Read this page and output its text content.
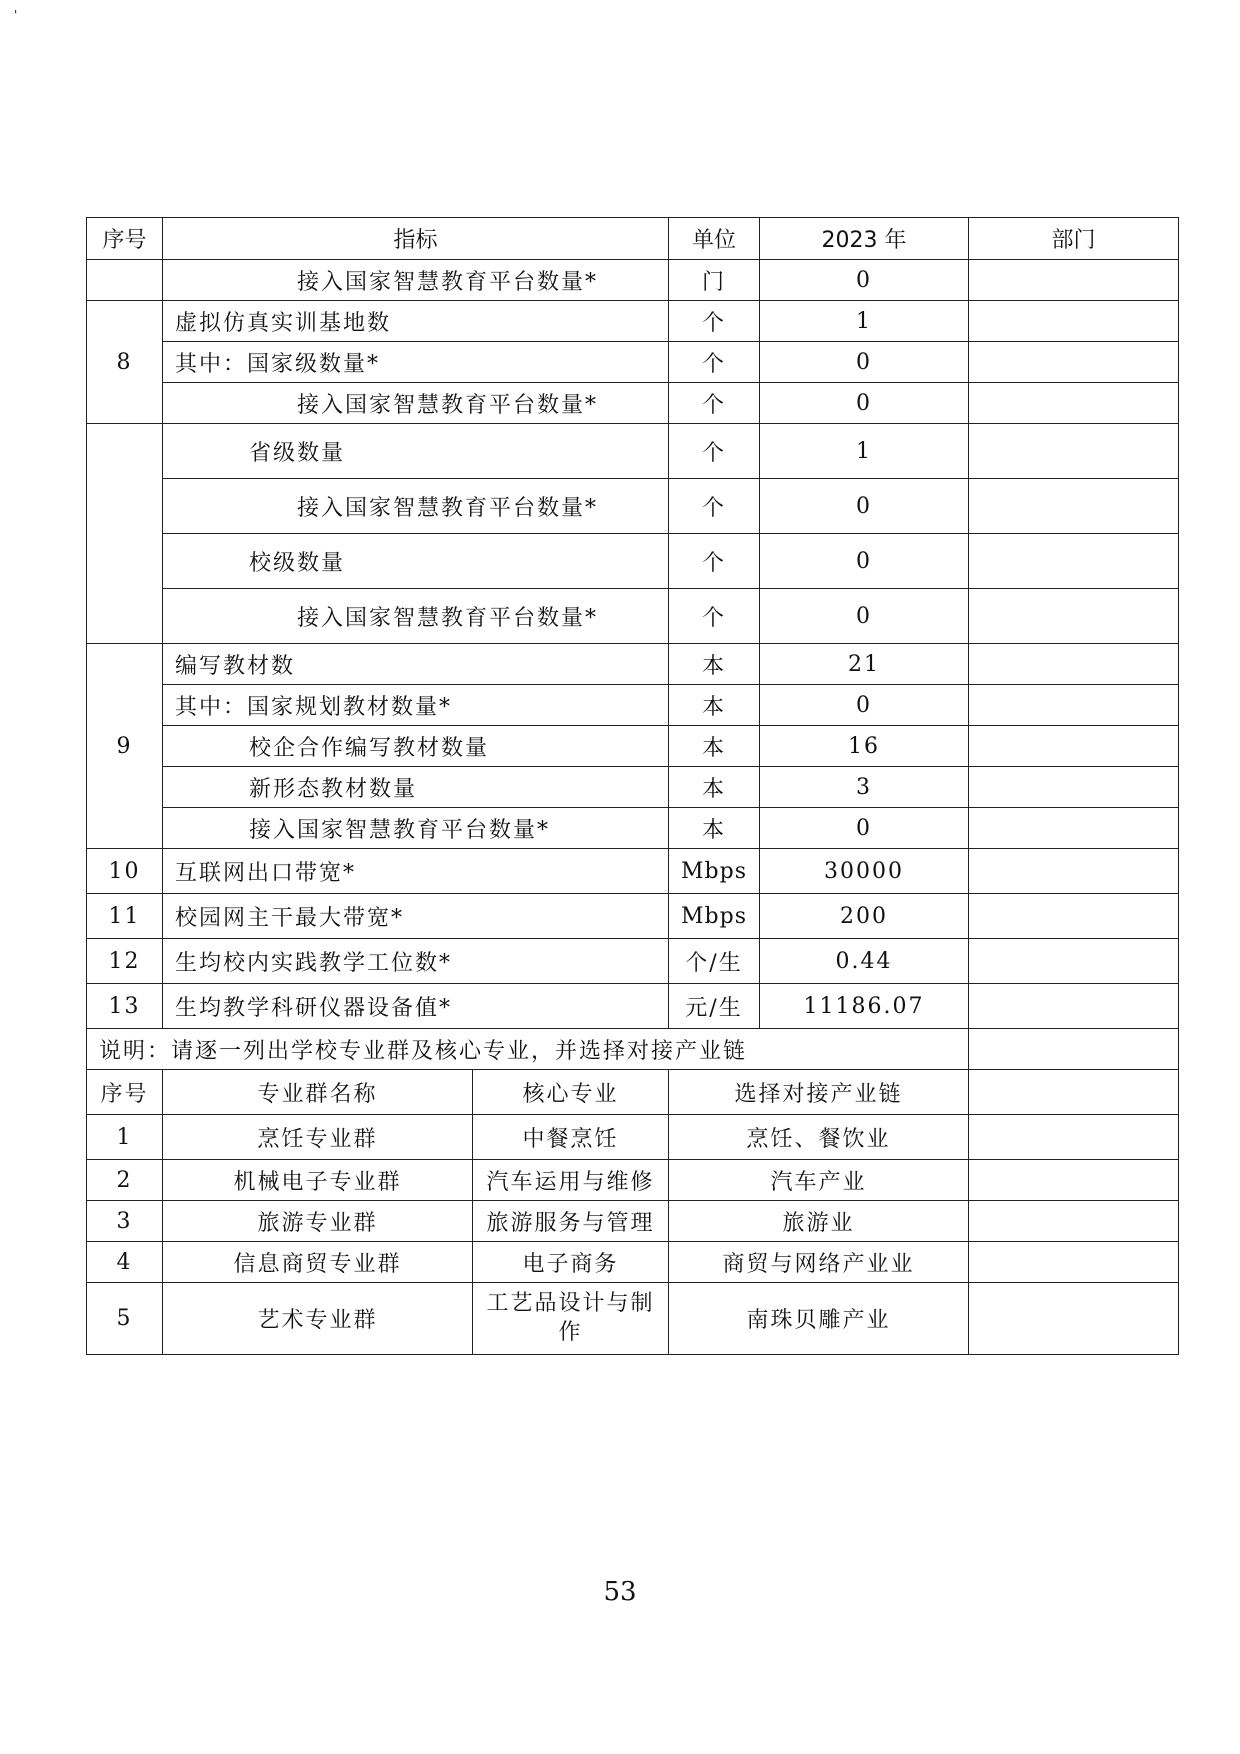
'
序号	指标		单位	2023 年	部门
	接入国家智慧教育平台数量*		门	0	
8	虚拟仿真实训基地数		个	1	
	其中：国家级数量*		个	0	
	接入国家智慧教育平台数量*		个	0	
	省级数量		个	1	
	接入国家智慧教育平台数量*		个	0	
	校级数量		个	0	
	接入国家智慧教育平台数量*		个	0	
9	编写教材数		本	21	
	其中：国家规划教材数量*		本	0	
	校企合作编写教材数量		本	16	
	新形态教材数量		本	3	
	接入国家智慧教育平台数量*		本	0	
10	互联网出口带宽*		Mbps	30000	
11	校园网主干最大带宽*		Mbps	200	
12	生均校内实践教学工位数*		个/生	0.44	
13	生均教学科研仪器设备值*		元/生	11186.07	
说明：请逐一列出学校专业群及核心专业，并选择对接产业链					
序号	专业群名称	核心专业	选择对接产业链		
1	烹饪专业群	中餐烹饪	烹饪、餐饮业		
2	机械电子专业群	汽车运用与维修	汽车产业		
3	旅游专业群	旅游服务与管理	旅游业		
4	信息商贸专业群	电子商务	商贸与网络产业业		
5	艺术专业群	工艺品设计与制作	南珠贝雕产业		
53
